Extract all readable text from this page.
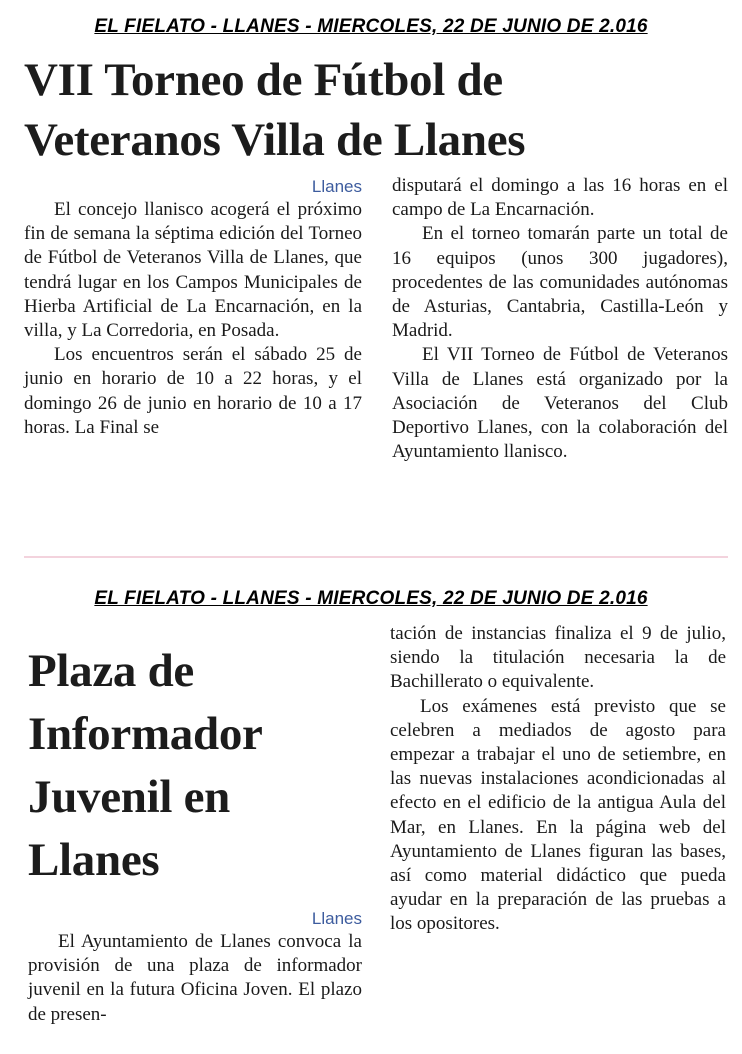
EL FIELATO - LLANES - MIERCOLES, 22 DE JUNIO DE 2.016
VII Torneo de Fútbol de
Veteranos Villa de Llanes

Llanes

El concejo llanisco acogerá el próximo fin de semana la séptima edición del Torneo de Fútbol de Veteranos Villa de Llanes, que tendrá lugar en los Campos Municipales de Hierba Artificial de La Encarnación, en la villa, y La Corredoria, en Posada.

Los encuentros serán el sábado 25 de junio en horario de 10 a 22 horas, y el domingo 26 de junio en horario de 10 a 17 horas. La Final se

disputará el domingo a las 16 horas en el campo de La Encarnación.

En el torneo tomarán parte un total de 16 equipos (unos 300 jugadores), procedentes de las comunidades autónomas de Asturias, Cantabria, Castilla-León y Madrid.

El VII Torneo de Fútbol de Veteranos Villa de Llanes está organizado por la Asociación de Veteranos del Club Deportivo Llanes, con la colaboración del Ayuntamiento llanisco.

EL FIELATO - LLANES - MIERCOLES, 22 DE JUNIO DE 2.016
Plaza de
Informador
Juvenil en
Llanes

Llanes

El Ayuntamiento de Llanes convoca la provisión de una plaza de informador juvenil en la futura Oficina Joven. El plazo de presen-

tación de instancias finaliza el 9 de julio, siendo la titulación necesaria la de Bachillerato o equivalente.

Los exámenes está previsto que se celebren a mediados de agosto para empezar a trabajar el uno de setiembre, en las nuevas instalaciones acondicionadas al efecto en el edificio de la antigua Aula del Mar, en Llanes. En la página web del Ayuntamiento de Llanes figuran las bases, así como material didáctico que pueda ayudar en la preparación de las pruebas a los opositores.
